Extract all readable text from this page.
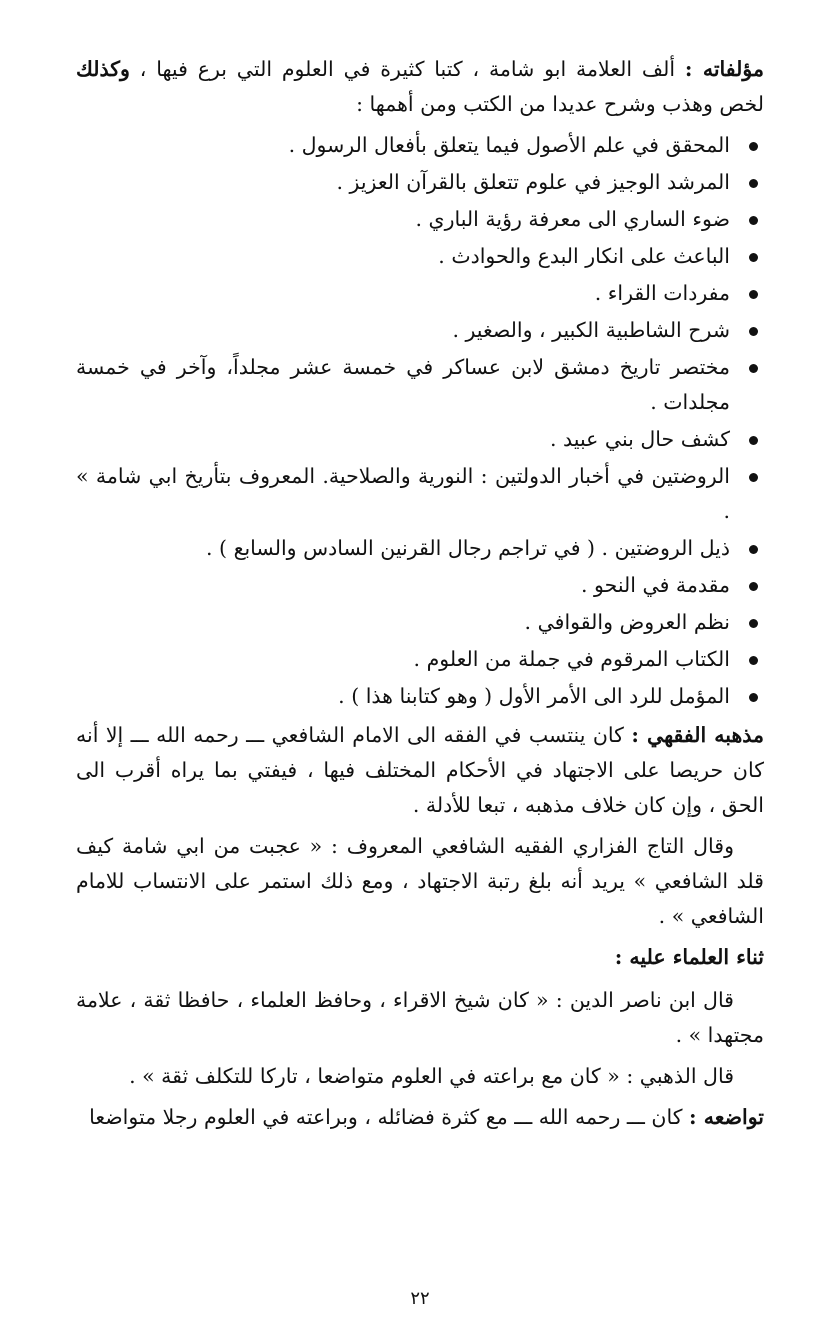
مؤلفاته : ألف العلامة ابو شامة ، كتبا كثيرة في العلوم التي برع فيها ، وكذلك لخص وهذب وشرح عديدا من الكتب ومن أهمها :

المحقق في علم الأصول فيما يتعلق بأفعال الرسول .
المرشد الوجيز في علوم تتعلق بالقرآن العزيز .
ضوء الساري الى معرفة رؤية الباري .
الباعث على انكار البدع والحوادث .
مفردات القراء .
شرح الشاطبية الكبير ، والصغير .
مختصر تاريخ دمشق لابن عساكر في خمسة عشر مجلداً، وآخر في خمسة مجلدات .
كشف حال بني عبيد .
الروضتين في أخبار الدولتين : النورية والصلاحية. المعروف بتأريخ ابي شامة » .
ذيل الروضتين . ( في تراجم رجال القرنين السادس والسابع ) .
مقدمة في النحو .
نظم العروض والقوافي .
الكتاب المرقوم في جملة من العلوم .
المؤمل للرد الى الأمر الأول ( وهو كتابنا هذا ) .

مذهبه الفقهي : كان ينتسب في الفقه الى الامام الشافعي ـــ رحمه الله ـــ إلا أنه كان حريصا على الاجتهاد في الأحكام المختلف فيها ، فيفتي بما يراه أقرب الى الحق ، وإن كان خلاف مذهبه ، تبعا للأدلة .

وقال التاج الفزاري الفقيه الشافعي المعروف : « عجبت من ابي شامة كيف قلد الشافعي » يريد أنه بلغ رتبة الاجتهاد ، ومع ذلك استمر على الانتساب للامام الشافعي » .

ثناء العلماء عليه :

قال ابن ناصر الدين : « كان شيخ الاقراء ، وحافظ العلماء ، حافظا ثقة ، علامة مجتهدا » .

قال الذهبي : « كان مع براعته في العلوم متواضعا ، تاركا للتكلف ثقة » .

تواضعه : كان ـــ رحمه الله ـــ مع كثرة فضائله ، وبراعته في العلوم رجلا متواضعا

٢٢
